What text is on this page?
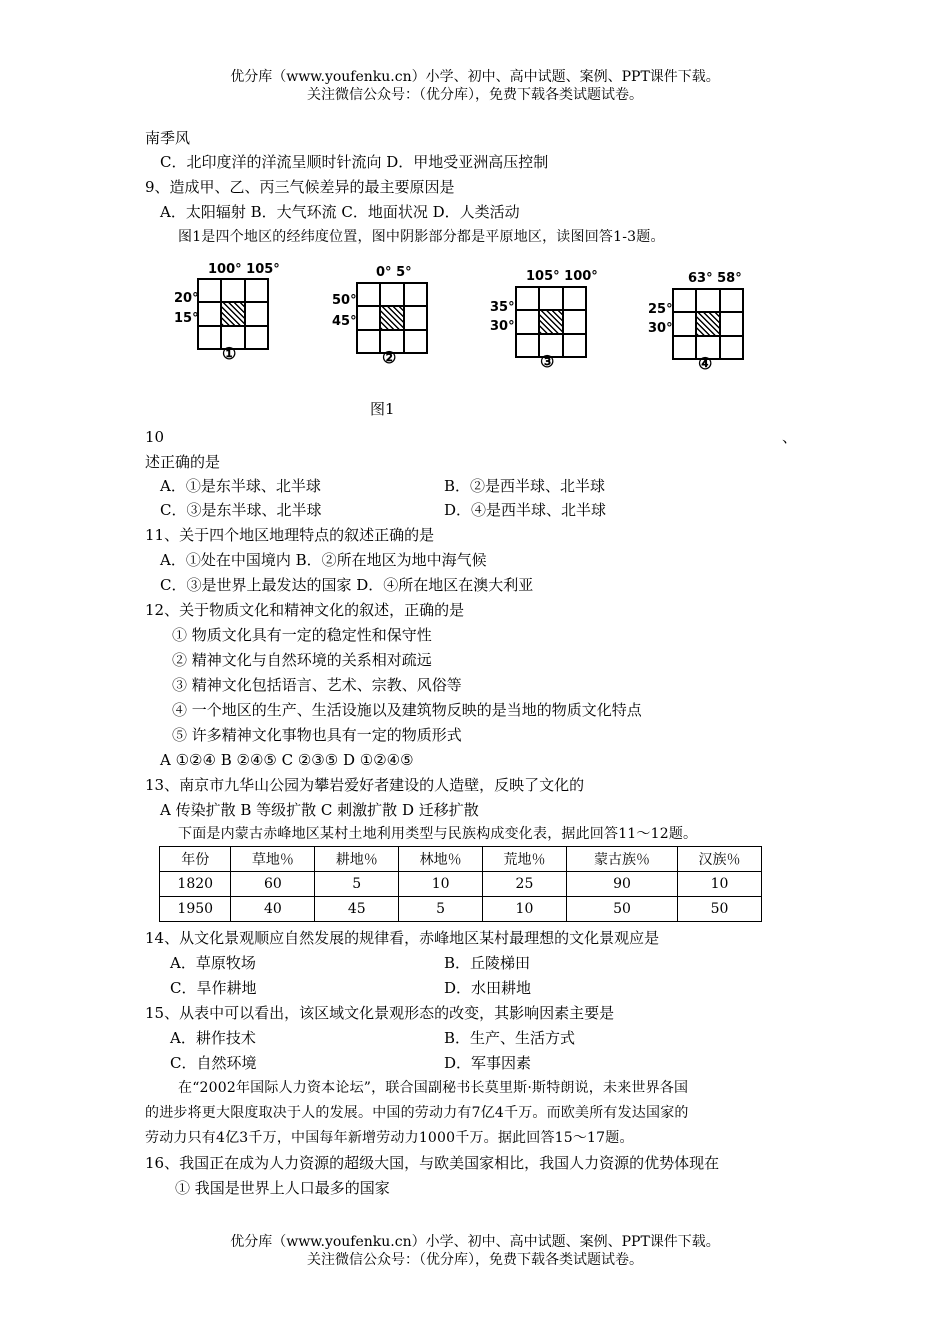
优分库（www.youfenku.cn）小学、初中、高中试题、案例、PPT课件下载。
关注微信公众号：（优分库），免费下载各类试题试卷。
南季风
C．北印度洋的洋流呈顺时针流向 D．甲地受亚洲高压控制
9、造成甲、乙、丙三气候差异的最主要原因是
A．太阳辐射 B．大气环流 C．地面状况 D．人类活动
图1是四个地区的经纬度位置，图中阴影部分都是平原地区，读图回答1-3题。
100° 105°
20°
15°
①
0° 5°
50°
45°
②
105° 100°
35°
30°
③
63° 58°
25°
30°
④
图1
10	、
述正确的是
A．①是东半球、北半球	B．②是西半球、北半球
C．③是东半球、北半球	D．④是西半球、北半球
11、关于四个地区地理特点的叙述正确的是
A．①处在中国境内 B．②所在地区为地中海气候
C．③是世界上最发达的国家 D．④所在地区在澳大利亚
12、关于物质文化和精神文化的叙述，正确的是
① 物质文化具有一定的稳定性和保守性
② 精神文化与自然环境的关系相对疏远
③ 精神文化包括语言、艺术、宗教、风俗等
④ 一个地区的生产、生活设施以及建筑物反映的是当地的物质文化特点
⑤ 许多精神文化事物也具有一定的物质形式
A ①②④ B ②④⑤ C ②③⑤ D ①②④⑤
13、南京市九华山公园为攀岩爱好者建设的人造壁，反映了文化的
A 传染扩散 B 等级扩散 C 刺激扩散 D 迁移扩散
下面是内蒙古赤峰地区某村土地利用类型与民族构成变化表，据此回答11～12题。
年份	草地％	耕地％	林地％	荒地％	蒙古族％	汉族％
1820	60	5	10	25	90	10
1950	40	45	5	10	50	50
14、从文化景观顺应自然发展的规律看，赤峰地区某村最理想的文化景观应是
A．草原牧场	B．丘陵梯田
C．旱作耕地	D．水田耕地
15、从表中可以看出，该区域文化景观形态的改变，其影响因素主要是
A．耕作技术	B．生产、生活方式
C．自然环境	D．军事因素
在“2002年国际人力资本论坛”，联合国副秘书长莫里斯·斯特朗说，未来世界各国
的进步将更大限度取决于人的发展。中国的劳动力有7亿4千万。而欧美所有发达国家的
劳动力只有4亿3千万，中国每年新增劳动力1000千万。据此回答15～17题。
16、我国正在成为人力资源的超级大国，与欧美国家相比，我国人力资源的优势体现在
① 我国是世界上人口最多的国家
优分库（www.youfenku.cn）小学、初中、高中试题、案例、PPT课件下载。
关注微信公众号：（优分库），免费下载各类试题试卷。
